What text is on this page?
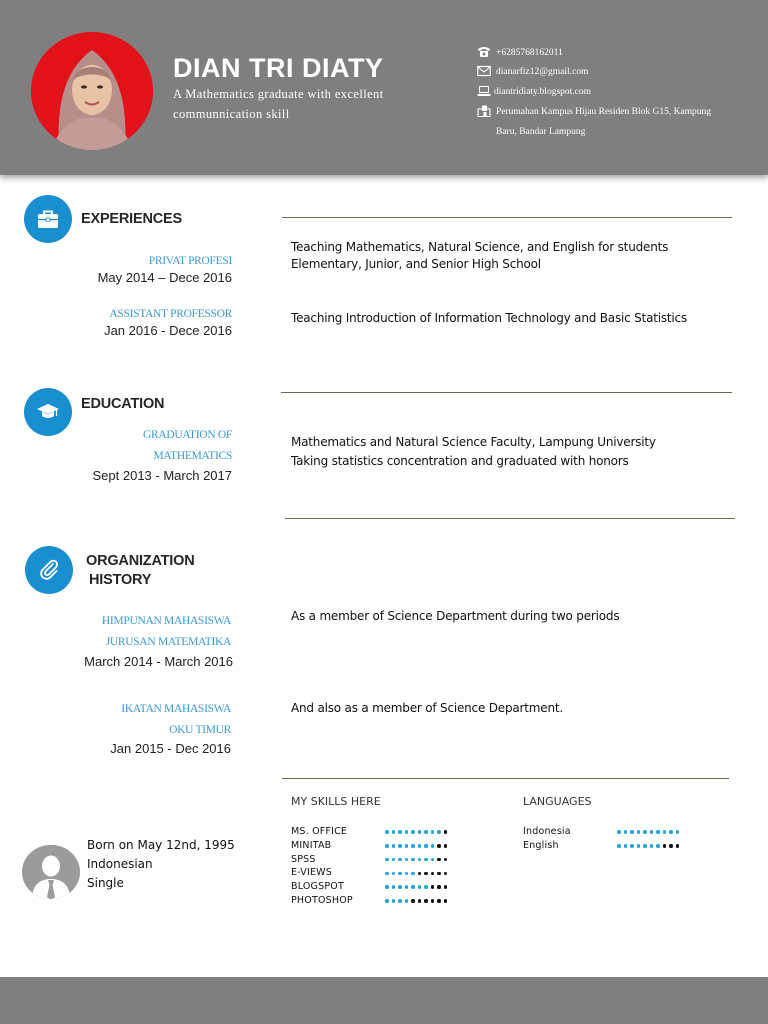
DIAN TRI DIATY
A Mathematics graduate with excellent communnication skill
+6285768162011
dianarfiz12@gmail.com
diantridiaty.blogspot.com
Perumahan Kampus Hijau Residen Blok G15, Kampung
Baru, Bandar Lampung
EXPERIENCES
PRIVAT PROFESI
May 2014 – Dece 2016
Teaching Mathematics, Natural Science, and English for students
Elementary, Junior, and Senior High School
ASSISTANT PROFESSOR
Jan 2016 - Dece 2016
Teaching Introduction of Information Technology and Basic Statistics
EDUCATION
GRADUATION OF
MATHEMATICS
Sept 2013 - March 2017
Mathematics and Natural Science Faculty, Lampung University
Taking statistics concentration and graduated with honors
ORGANIZATION
HISTORY
HIMPUNAN MAHASISWA
JURUSAN MATEMATIKA
March 2014 - March 2016
As a member of Science Department during two periods
IKATAN MAHASISWA
OKU TIMUR
Jan 2015 - Dec 2016
And also as a member of Science Department.
MY SKILLS HERE
MS. OFFICE
MINITAB
SPSS
E-VIEWS
BLOGSPOT
PHOTOSHOP
LANGUAGES
Indonesia
English
Born on May 12nd, 1995
Indonesian
Single
